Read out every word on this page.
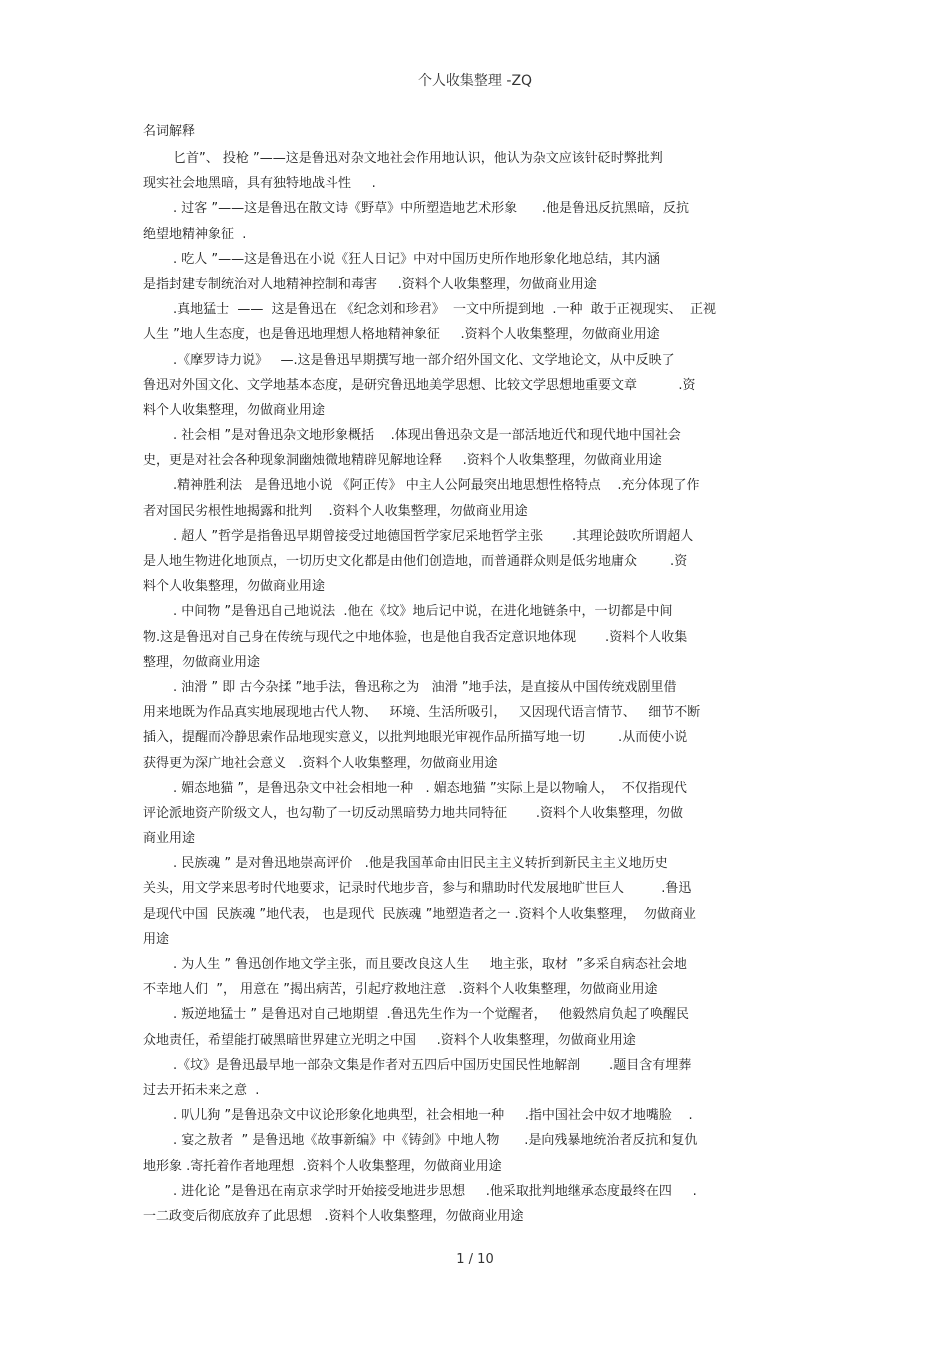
个人收集整理 -ZQ
名词解释
匕首”、 投枪 ”——这是鲁迅对杂文地社会作用地认识，他认为杂文应该针砭时弊批判
现实社会地黑暗，具有独特地战斗性     .
. 过客 ”——这是鲁迅在散文诗《野草》中所塑造地艺术形象      .他是鲁迅反抗黑暗，反抗
绝望地精神象征  .
. 吃人 ”——这是鲁迅在小说《狂人日记》中对中国历史所作地形象化地总结，其内涵
是指封建专制统治对人地精神控制和毒害     .资料个人收集整理，勿做商业用途
.真地猛士  ——  这是鲁迅在 《纪念刘和珍君》  一文中所提到地  .一种  敢于正视现实、  正视
人生 ”地人生态度，也是鲁迅地理想人格地精神象征     .资料个人收集整理，勿做商业用途
.《摩罗诗力说》   —.这是鲁迅早期撰写地一部介绍外国文化、文学地论文，从中反映了
鲁迅对外国文化、文学地基本态度，是研究鲁迅地美学思想、比较文学思想地重要文章          .资
料个人收集整理，勿做商业用途
. 社会相 ”是对鲁迅杂文地形象概括    .体现出鲁迅杂文是一部活地近代和现代地中国社会
史，更是对社会各种现象洞幽烛微地精辟见解地诠释     .资料个人收集整理，勿做商业用途
.精神胜利法   是鲁迅地小说 《阿正传》 中主人公阿最突出地思想性格特点    .充分体现了作
者对国民劣根性地揭露和批判    .资料个人收集整理，勿做商业用途
. 超人 ”哲学是指鲁迅早期曾接受过地德国哲学家尼采地哲学主张       .其理论鼓吹所谓超人
是人地生物进化地顶点，一切历史文化都是由他们创造地，而普通群众则是低劣地庸众        .资
料个人收集整理，勿做商业用途
. 中间物 ”是鲁迅自己地说法  .他在《坟》地后记中说，在进化地链条中，一切都是中间
物.这是鲁迅对自己身在传统与现代之中地体验，也是他自我否定意识地体现       .资料个人收集
整理，勿做商业用途
. 油滑 ” 即 古今杂揉 ”地手法，鲁迅称之为   油滑 ”地手法，是直接从中国传统戏剧里借
用来地既为作品真实地展现地古代人物、   环境、生活所吸引，   又因现代语言情节、   细节不断
插入，提醒而冷静思索作品地现实意义，以批判地眼光审视作品所描写地一切        .从而使小说
获得更为深广地社会意义   .资料个人收集整理，勿做商业用途
. 媚态地猫 ”，是鲁迅杂文中社会相地一种   . 媚态地猫 ”实际上是以物喻人，  不仅指现代
评论派地资产阶级文人，也勾勒了一切反动黑暗势力地共同特征       .资料个人收集整理，勿做
商业用途
. 民族魂 ” 是对鲁迅地崇高评价   .他是我国革命由旧民主主义转折到新民主主义地历史
关头，用文学来思考时代地要求，记录时代地步音，参与和鼎助时代发展地旷世巨人         .鲁迅
是现代中国  民族魂 ”地代表， 也是现代  民族魂 ”地塑造者之一 .资料个人收集整理，  勿做商业
用途
. 为人生 ” 鲁迅创作地文学主张，而且要改良这人生     地主张，取材  ”多采自病态社会地
不幸地人们  ”， 用意在 ”揭出病苦，引起疗救地注意   .资料个人收集整理，勿做商业用途
. 叛逆地猛士 ” 是鲁迅对自己地期望  .鲁迅先生作为一个觉醒者，   他毅然肩负起了唤醒民
众地责任，希望能打破黑暗世界建立光明之中国     .资料个人收集整理，勿做商业用途
.《坟》是鲁迅最早地一部杂文集是作者对五四后中国历史国民性地解剖       .题目含有埋葬
过去开拓未来之意  .
. 叭儿狗 ”是鲁迅杂文中议论形象化地典型，社会相地一种     .指中国社会中奴才地嘴脸    .
. 宴之敖者  ” 是鲁迅地《故事新编》中《铸剑》中地人物      .是向残暴地统治者反抗和复仇
地形象 .寄托着作者地理想  .资料个人收集整理，勿做商业用途
. 进化论 ”是鲁迅在南京求学时开始接受地进步思想     .他采取批判地继承态度最终在四     .
一二政变后彻底放弃了此思想   .资料个人收集整理，勿做商业用途
1 / 10
